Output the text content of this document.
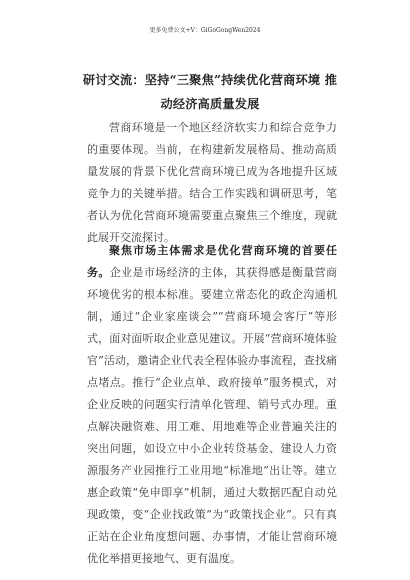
更多免费公文+V：GiGoGongWen2024
研讨交流：坚持“三聚焦”持续优化营商环境 推动经济高质量发展
营商环境是一个地区经济软实力和综合竞争力的重要体现。当前，在构建新发展格局、推动高质量发展的背景下优化营商环境已成为各地提升区域竞争力的关键举措。结合工作实践和调研思考，笔者认为优化营商环境需要重点聚焦三个维度，现就此展开交流探讨。
聚焦市场主体需求是优化营商环境的首要任务。企业是市场经济的主体，其获得感是衡量营商环境优劣的根本标准。要建立常态化的政企沟通机制，通过“企业家座谈会”“营商环境会客厅”等形式，面对面听取企业意见建议。开展“营商环境体验官”活动，邀请企业代表全程体验办事流程，查找痛点堵点。推行“企业点单、政府接单”服务模式，对企业反映的问题实行清单化管理、销号式办理。重点解决融资难、用工难、用地难等企业普遍关注的突出问题，如设立中小企业转贷基金、建设人力资源服务产业园推行工业用地“标准地”出让等。建立惠企政策“免申即享”机制，通过大数据匹配自动兑现政策，变“企业找政策”为“政策找企业”。只有真正站在企业角度想问题、办事情，才能让营商环境优化举措更接地气、更有温度。
